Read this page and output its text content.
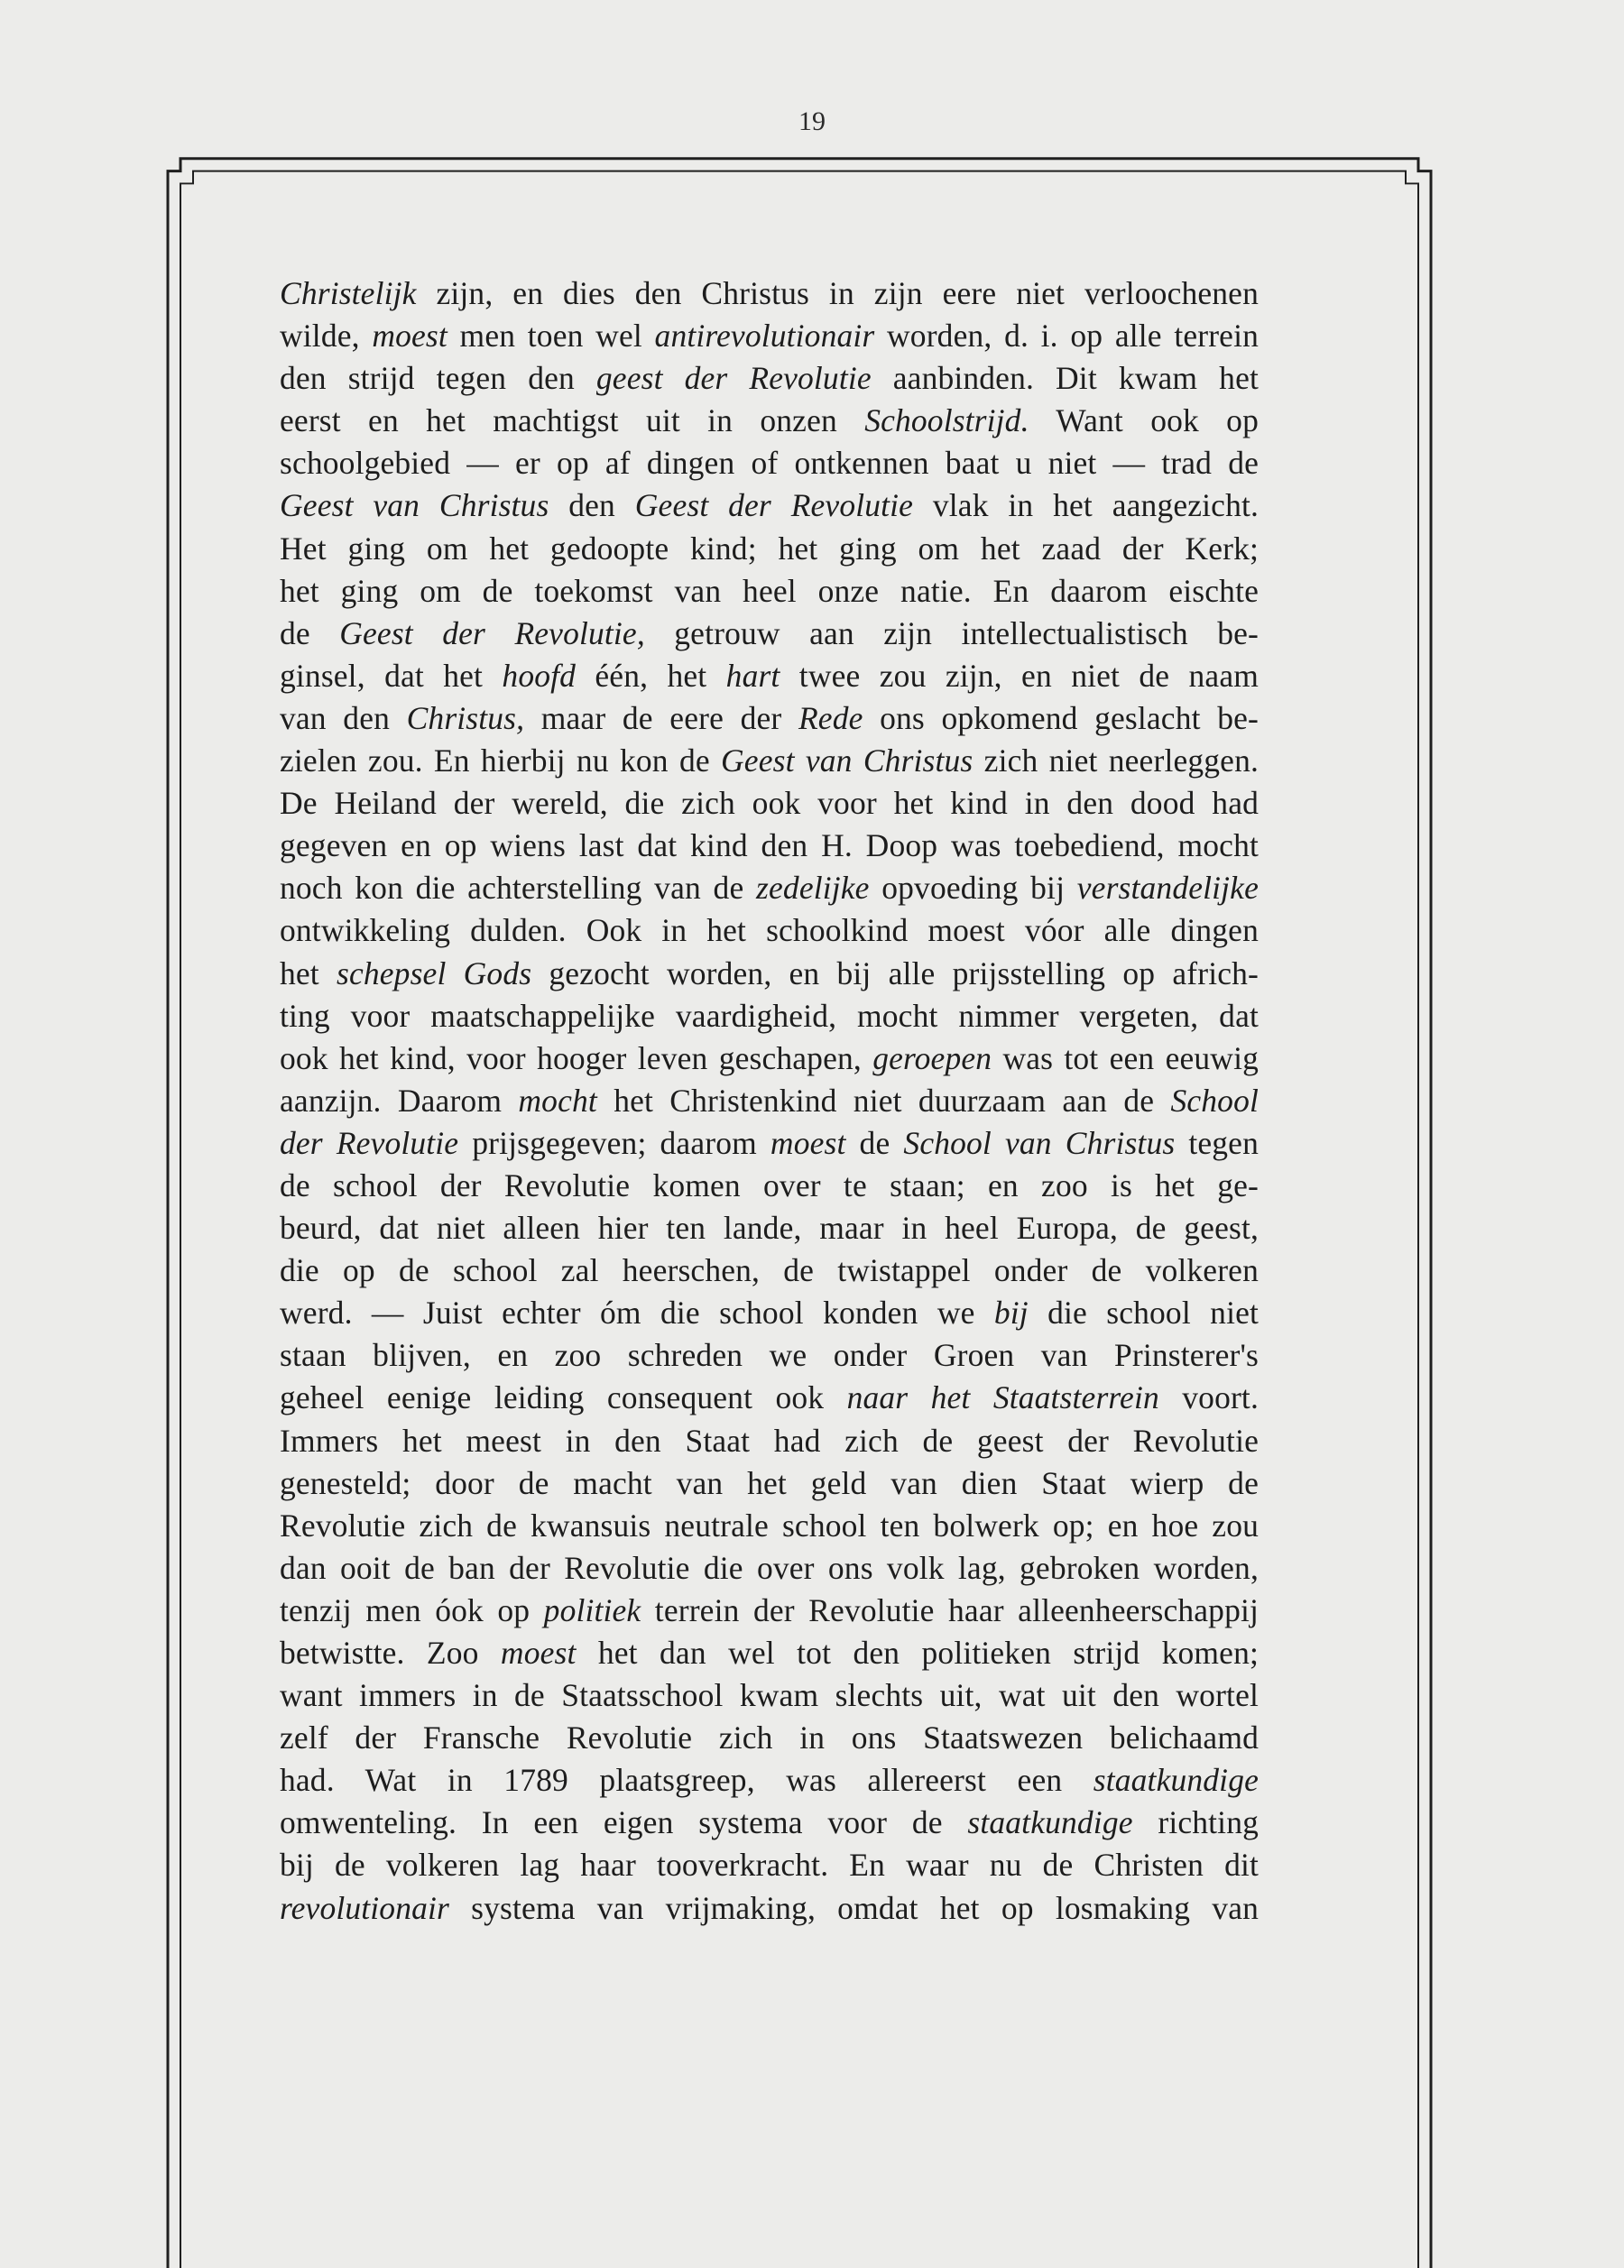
19
Christelijk zijn, en dies den Christus in zijn eere niet verloochenen
wilde, moest men toen wel antirevolutionair worden, d. i. op alle terrein
den strijd tegen den geest der Revolutie aanbinden. Dit kwam het
eerst en het machtigst uit in onzen Schoolstrijd. Want ook op
schoolgebied — er op af dingen of ontkennen baat u niet — trad de
Geest van Christus den Geest der Revolutie vlak in het aangezicht.
Het ging om het gedoopte kind; het ging om het zaad der Kerk;
het ging om de toekomst van heel onze natie. En daarom eischte
de Geest der Revolutie, getrouw aan zijn intellectualistisch be-
ginsel, dat het hoofd één, het hart twee zou zijn, en niet de naam
van den Christus, maar de eere der Rede ons opkomend geslacht be-
zielen zou. En hierbij nu kon de Geest van Christus zich niet neerleggen.
De Heiland der wereld, die zich ook voor het kind in den dood had
gegeven en op wiens last dat kind den H. Doop was toebediend, mocht
noch kon die achterstelling van de zedelijke opvoeding bij verstandelijke
ontwikkeling dulden. Ook in het schoolkind moest vóor alle dingen
het schepsel Gods gezocht worden, en bij alle prijsstelling op africh-
ting voor maatschappelijke vaardigheid, mocht nimmer vergeten, dat
ook het kind, voor hooger leven geschapen, geroepen was tot een eeuwig
aanzijn. Daarom mocht het Christenkind niet duurzaam aan de School
der Revolutie prijsgegeven; daarom moest de School van Christus tegen
de school der Revolutie komen over te staan; en zoo is het ge-
beurd, dat niet alleen hier ten lande, maar in heel Europa, de geest,
die op de school zal heerschen, de twistappel onder de volkeren
werd. — Juist echter óm die school konden we bij die school niet
staan blijven, en zoo schreden we onder Groen van Prinsterer's
geheel eenige leiding consequent ook naar het Staatsterrein voort.
Immers het meest in den Staat had zich de geest der Revolutie
genesteld; door de macht van het geld van dien Staat wierp de
Revolutie zich de kwansuis neutrale school ten bolwerk op; en hoe zou
dan ooit de ban der Revolutie die over ons volk lag, gebroken worden,
tenzij men óok op politiek terrein der Revolutie haar alleenheerschappij
betwistte. Zoo moest het dan wel tot den politieken strijd komen;
want immers in de Staatsschool kwam slechts uit, wat uit den wortel
zelf der Fransche Revolutie zich in ons Staatswezen belichaamd
had. Wat in 1789 plaatsgreep, was allereerst een staatkundige
omwenteling. In een eigen systema voor de staatkundige richting
bij de volkeren lag haar tooverkracht. En waar nu de Christen dit
revolutionair systema van vrijmaking, omdat het op losmaking van
